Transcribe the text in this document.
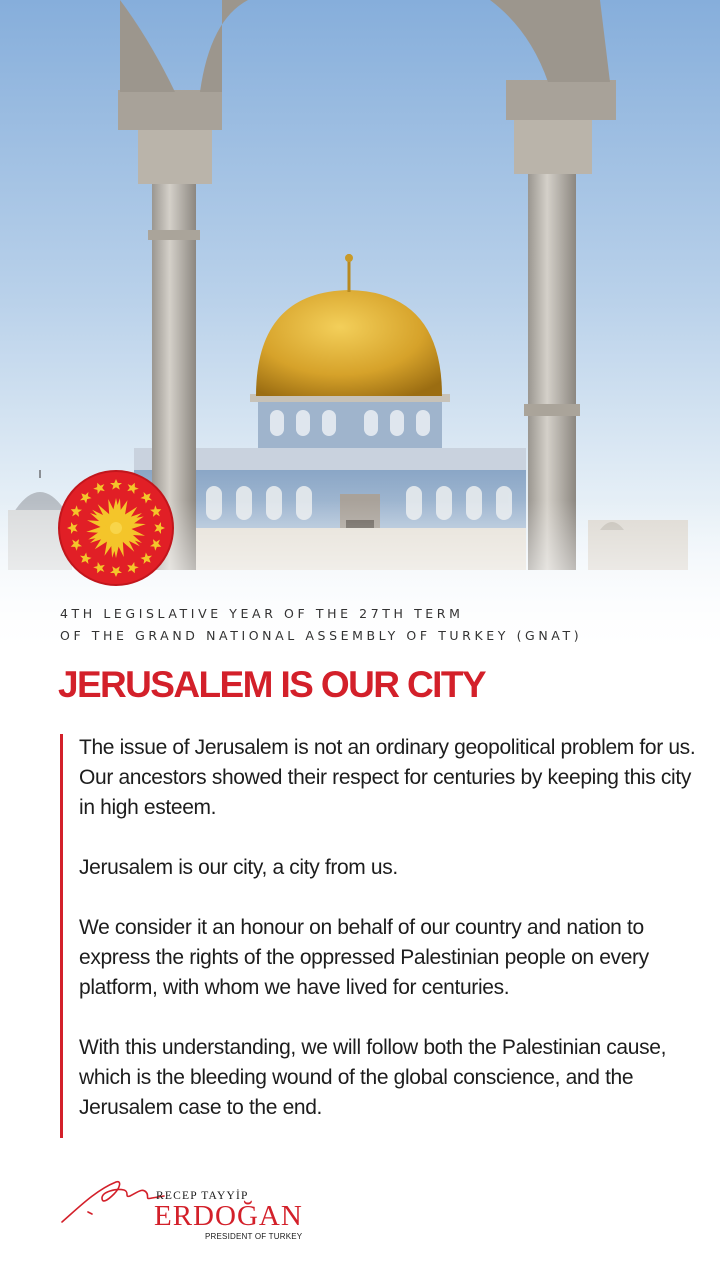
4TH LEGISLATIVE YEAR OF THE 27TH TERM
OF THE GRAND NATIONAL ASSEMBLY OF TURKEY (GNAT)
JERUSALEM IS OUR CITY

The issue of Jerusalem is not an ordinary geopolitical problem for us. Our ancestors showed their respect for centuries by keeping this city in high esteem.

Jerusalem is our city, a city from us.

We consider it an honour on behalf of our country and nation to express the rights of the oppressed Palestinian people on every platform, with whom we have lived for centuries.

With this understanding, we will follow both the Palestinian cause, which is the bleeding wound of the global conscience, and the Jerusalem case to the end.

RECEP TAYYİP
ERDOĞAN
PRESIDENT OF TURKEY
